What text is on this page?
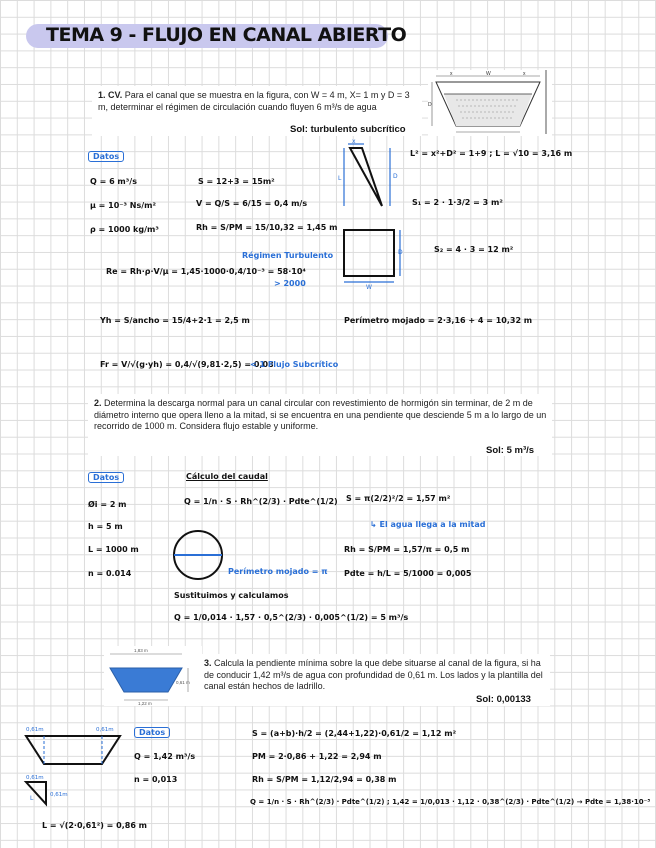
TEMA 9 - FLUJO EN CANAL ABIERTO
1. CV. Para el canal que se muestra en la figura, con W = 4 m, X= 1 m y D = 3 m, determinar el régimen de circulación cuando fluyen 6 m³/s de agua
Sol: turbulento subcrítico
x	W	x
D
Datos
Q = 6 m³/s
μ = 10⁻³ Ns/m²
ρ = 1000 kg/m³
S = 12+3 = 15m²
V = Q/S = 6/15 = 0,4 m/s
Rh = S/PM = 15/10,32 = 1,45 m
Régimen Turbulento
Re = Rh·ρ·V/μ = 1,45·1000·0,4/10⁻³ = 58·10⁴
> 2000
Yh = S/ancho = 15/4+2·1 = 2,5 m	Perímetro mojado = 2·3,16 + 4 = 10,32 m
Fr = V/√(g·yh) = 0,4/√(9,81·2,5) = 0,08
< 1 Flujo Subcrítico
x
L	D
L² = x²+D² = 1+9 ; L = √10 = 3,16 m
S₁ = 2 · 1·3/2 = 3 m²
D
W
S₂ = 4 · 3 = 12 m²
2. Determina la descarga normal para un canal circular con revestimiento de hormigón sin terminar, de 2 m de diámetro interno que opera lleno a la mitad, si se encuentra en una pendiente que desciende 5 m a lo largo de un recorrido de 1000 m. Considera flujo estable y uniforme.
Sol: 5 m³/s
Datos
Øi = 2 m
h = 5 m
L = 1000 m
n = 0.014
Cálculo del caudal
Q = 1/n · S · Rh^(2/3) · Pdte^(1/2)
Perímetro mojado = π
S = π(2/2)²/2 = 1,57 m²
↳ El agua llega a la mitad
Rh = S/PM = 1,57/π = 0,5 m
Pdte = h/L = 5/1000 = 0,005
Sustituimos y calculamos
Q = 1/0,014 · 1,57 · 0,5^(2/3) · 0,005^(1/2) = 5 m³/s
1,83 m
0,61 m
1,22 m
3. Calcula la pendiente mínima sobre la que debe situarse al canal de la figura, si ha de conducir 1,42 m³/s de agua con profundidad de 0,61 m. Los lados y la plantilla del canal están hechos de ladrillo.
Sol: 0,00133
0,61m	0,61m
0,61m
0,61m
L
L = √(2·0,61²) = 0,86 m
Datos
Q = 1,42 m³/s
n = 0,013
S = (a+b)·h/2 = (2,44+1,22)·0,61/2 = 1,12 m²
PM = 2·0,86 + 1,22 = 2,94 m
Rh = S/PM = 1,12/2,94 = 0,38 m
Q = 1/n · S · Rh^(2/3) · Pdte^(1/2) ; 1,42 = 1/0,013 · 1,12 · 0,38^(2/3) · Pdte^(1/2) → Pdte = 1,38·10⁻³
